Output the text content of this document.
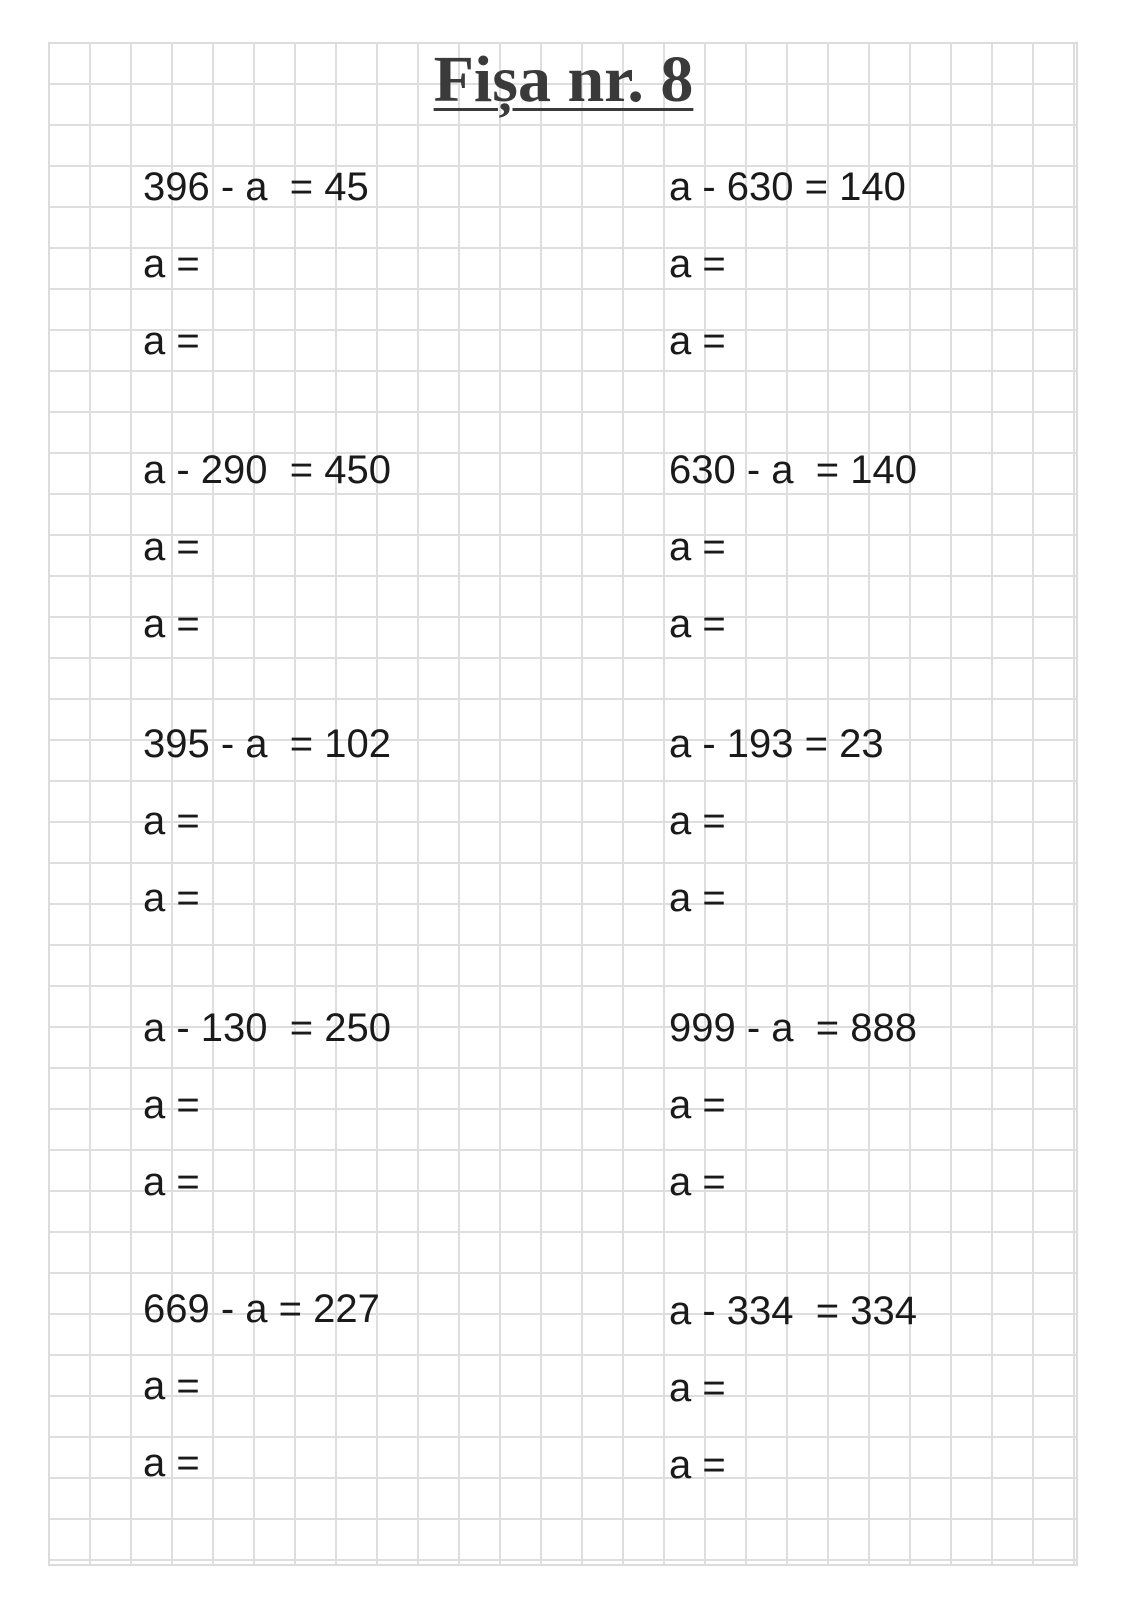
Fișa nr. 8
396 - a  = 45
a =
a =
a - 630 = 140
a =
a =
a - 290  = 450
a =
a =
630 - a  = 140
a =
a =
395 - a  = 102
a =
a =
a - 193 = 23
a =
a =
a - 130  = 250
a =
a =
999 - a  = 888
a =
a =
669 - a = 227
a =
a =
a - 334  = 334
a =
a =
